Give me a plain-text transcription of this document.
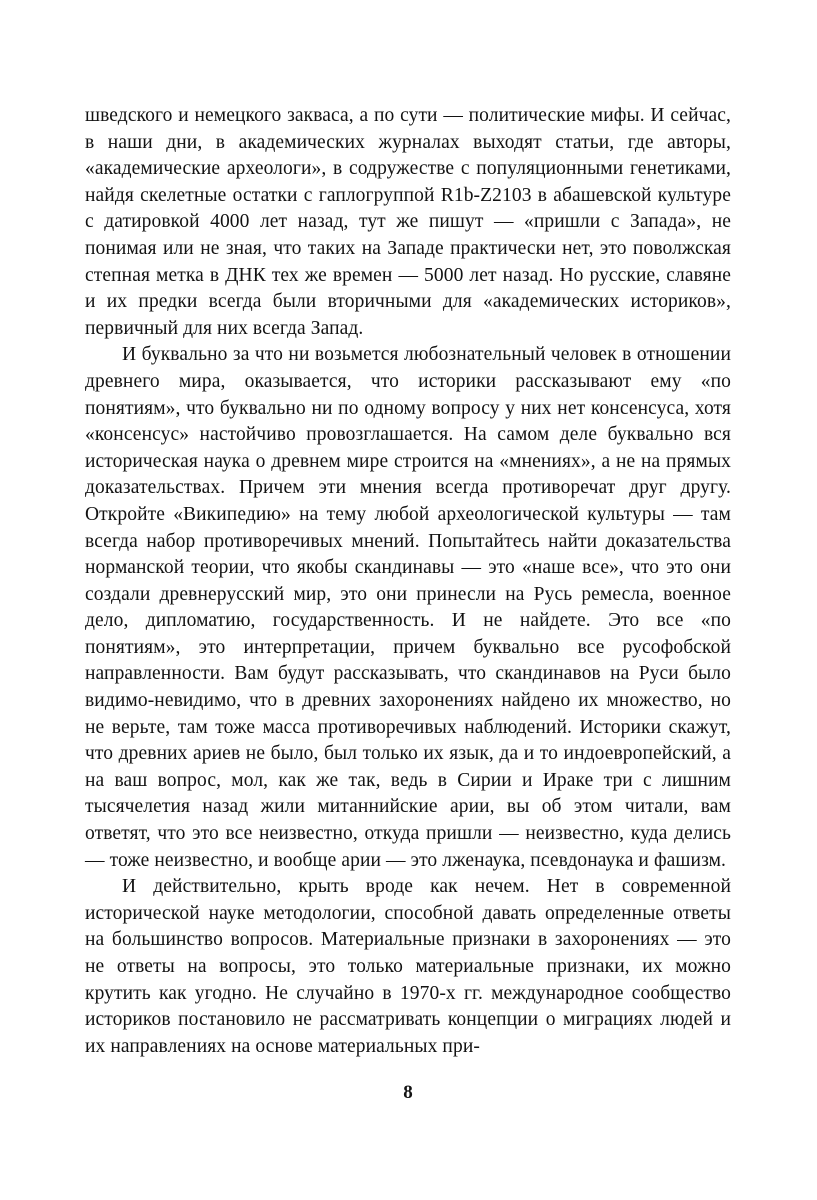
шведского и немецкого закваса, а по сути — политические мифы. И сейчас, в наши дни, в академических журналах выходят статьи, где авторы, «академические археологи», в содружестве с популяционными генетиками, найдя скелетные остатки с гаплогруппой R1b-Z2103 в абашевской культуре с датировкой 4000 лет назад, тут же пишут — «пришли с Запада», не понимая или не зная, что таких на Западе практически нет, это поволжская степная метка в ДНК тех же времен — 5000 лет назад. Но русские, славяне и их предки всегда были вторичными для «академических историков», первичный для них всегда Запад.

И буквально за что ни возьмется любознательный человек в отношении древнего мира, оказывается, что историки рассказывают ему «по понятиям», что буквально ни по одному вопросу у них нет консенсуса, хотя «консенсус» настойчиво провозглашается. На самом деле буквально вся историческая наука о древнем мире строится на «мнениях», а не на прямых доказательствах. Причем эти мнения всегда противоречат друг другу. Откройте «Википедию» на тему любой археологической культуры — там всегда набор противоречивых мнений. Попытайтесь найти доказательства норманской теории, что якобы скандинавы — это «наше все», что это они создали древнерусский мир, это они принесли на Русь ремесла, военное дело, дипломатию, государственность. И не найдете. Это все «по понятиям», это интерпретации, причем буквально все русофобской направленности. Вам будут рассказывать, что скандинавов на Руси было видимо-невидимо, что в древних захоронениях найдено их множество, но не верьте, там тоже масса противоречивых наблюдений. Историки скажут, что древних ариев не было, был только их язык, да и то индоевропейский, а на ваш вопрос, мол, как же так, ведь в Сирии и Ираке три с лишним тысячелетия назад жили митаннийские арии, вы об этом читали, вам ответят, что это все неизвестно, откуда пришли — неизвестно, куда делись — тоже неизвестно, и вообще арии — это лженаука, псевдонаука и фашизм.

И действительно, крыть вроде как нечем. Нет в современной исторической науке методологии, способной давать определенные ответы на большинство вопросов. Материальные признаки в захоронениях — это не ответы на вопросы, это только материальные признаки, их можно крутить как угодно. Не случайно в 1970-х гг. международное сообщество историков постановило не рассматривать концепции о миграциях людей и их направлениях на основе материальных при-

8
